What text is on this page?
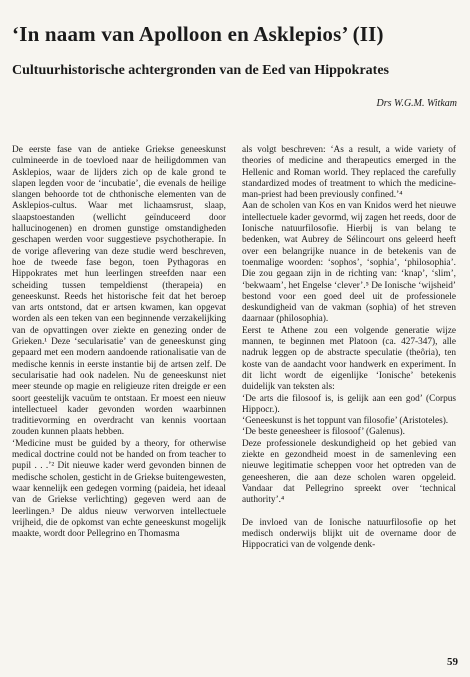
‘In naam van Apolloon en Asklepios’ (II)
Cultuurhistorische achtergronden van de Eed van Hippokrates

Drs W.G.M. Witkam

De eerste fase van de antieke Griekse geneeskunst culmineerde in de toevloed naar de heiligdommen van Asklepios, waar de lijders zich op de kale grond te slapen legden voor de ‘incubatie’, die evenals de heilige slangen behoorde tot de chthonische elementen van de Asklepios-cultus. Waar met lichaamsrust, slaap, slaapstoestanden (wellicht geïnduceerd door hallucinogenen) en dromen gunstige omstandigheden geschapen werden voor suggestieve psychotherapie. In de vorige aflevering van deze studie werd beschreven, hoe de tweede fase begon, toen Pythagoras en Hippokrates met hun leerlingen streefden naar een scheiding tussen tempeldienst (therapeia) en geneeskunst. Reeds het historische feit dat het beroep van arts ontstond, dat er artsen kwamen, kan opgevat worden als een teken van een beginnende verzakelijking van de opvattingen over ziekte en genezing onder de Grieken.¹ Deze ‘secularisatie’ van de geneeskunst ging gepaard met een modern aandoende rationalisatie van de medische kennis in eerste instantie bij de artsen zelf. De secularisatie had ook nadelen. Nu de geneeskunst niet meer steunde op magie en religieuze riten dreigde er een soort geestelijk vacuüm te ontstaan. Er moest een nieuw intellectueel kader gevonden worden waarbinnen traditievorming en overdracht van kennis voortaan zouden kunnen plaats hebben.

‘Medicine must be guided by a theory, for otherwise medical doctrine could not be handed on from teacher to pupil . . .’² Dit nieuwe kader werd gevonden binnen de medische scholen, gesticht in de Griekse buitengewesten, waar kennelijk een gedegen vorming (paideia, het ideaal van de Griekse verlichting) gegeven werd aan de leerlingen.³ De aldus nieuw verworven intellectuele vrijheid, die de opkomst van echte geneeskunst mogelijk maakte, wordt door Pellegrino en Thomasma

als volgt beschreven: ‘As a result, a wide variety of theories of medicine and therapeutics emerged in the Hellenic and Roman world. They replaced the carefully standardized modes of treatment to which the medicine-man-priest had been previously confined.’⁴

Aan de scholen van Kos en van Knidos werd het nieuwe intellectuele kader gevormd, wij zagen het reeds, door de Ionische natuurfilosofie. Hierbij is van belang te bedenken, wat Aubrey de Sélincourt ons geleerd heeft over een belangrijke nuance in de betekenis van de toenmalige woorden: ‘sophos’, ‘sophia’, ‘philosophia’. Die zou gegaan zijn in de richting van: ‘knap’, ‘slim’, ‘bekwaam’, het Engelse ‘clever’.⁵ De Ionische ‘wijsheid’ bestond voor een goed deel uit de professionele deskundigheid van de vakman (sophia) of het streven daarnaar (philosophia).

Eerst te Athene zou een volgende generatie wijze mannen, te beginnen met Platoon (ca. 427-347), alle nadruk leggen op de abstracte speculatie (theôria), ten koste van de aandacht voor handwerk en experiment. In dit licht wordt de eigenlijke ‘Ionische’ betekenis duidelijk van teksten als:

‘De arts die filosoof is, is gelijk aan een god’ (Corpus Hippocr.).

‘Geneeskunst is het toppunt van filosofie’ (Aristoteles).

‘De beste geneesheer is filosoof’ (Galenus).

Deze professionele deskundigheid op het gebied van ziekte en gezondheid moest in de samenleving een nieuwe legitimatie scheppen voor het optreden van de geneesheren, die aan deze scholen waren opgeleid. Vandaar dat Pellegrino spreekt over ‘technical authority’.⁴

De invloed van de Ionische natuurfilosofie op het medisch onderwijs blijkt uit de overname door de Hippocratici van de volgende denk-

59
